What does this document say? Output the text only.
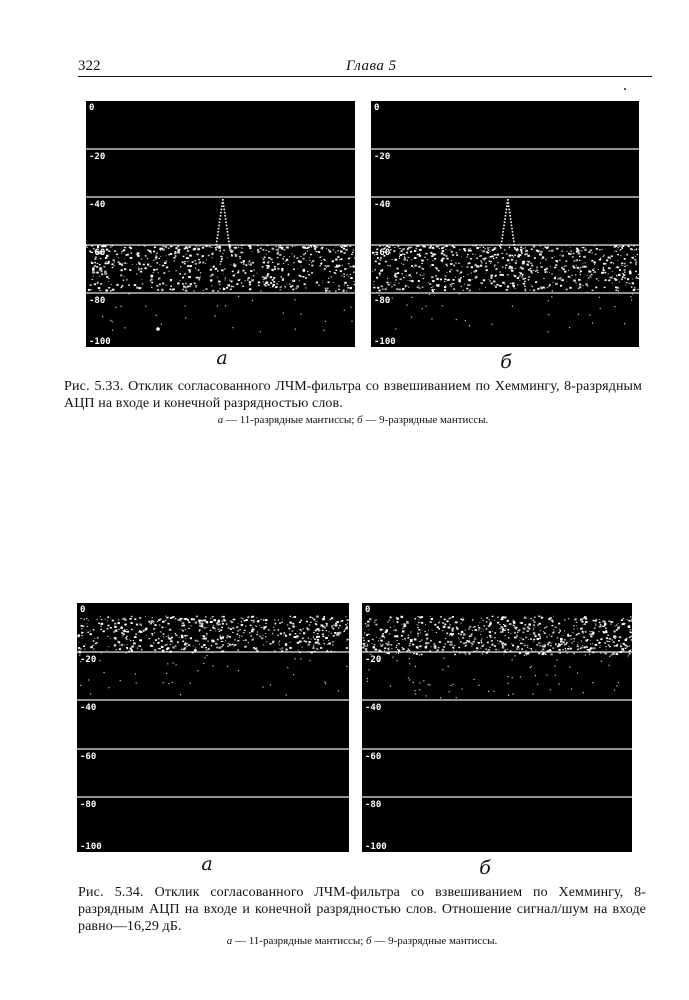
322	Глава 5
0
-20
-40
-60
-80
-100
0
-20
-40
-60
-80
-100
а	б
Рис. 5.33. Отклик согласованного ЛЧМ-фильтра со взвешиванием по Хеммингу, 8-разрядным АЦП на входе и конечной разрядностью слов.
а — 11-разрядные мантиссы; б — 9-разрядные мантиссы.
0
-20
-40
-60
-80
-100
0
-20
-40
-60
-80
-100
а	б
Рис. 5.34. Отклик согласованного ЛЧМ-фильтра со взвешиванием по Хеммингу, 8-разрядным АЦП на входе и конечной разрядностью слов. Отношение сигнал/шум на входе равно—16,29 дБ.
а — 11-разрядные мантиссы; б — 9-разрядные мантиссы.
